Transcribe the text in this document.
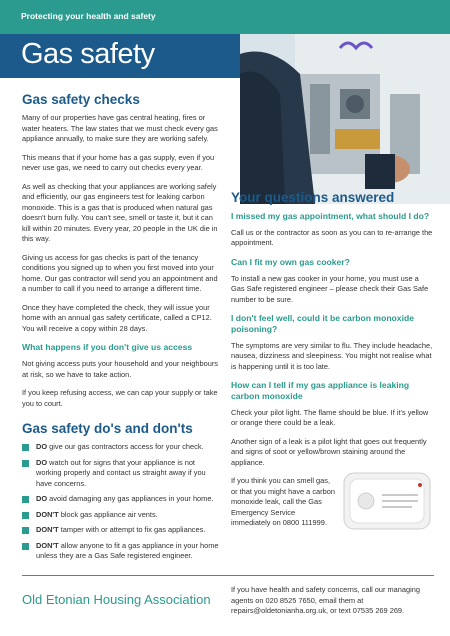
Protecting your health and safety
Gas safety
Gas safety checks

Many of our properties have gas central heating, fires or water heaters. The law states that we must check every gas appliance annually, to make sure they are working safely.

This means that if your home has a gas supply, even if you never use gas, we need to carry out checks every year.

As well as checking that your appliances are working safely and efficiently, our gas engineers test for leaking carbon monoxide. This is a gas that is produced when natural gas doesn't burn fully. You can't see, smell or taste it, but it can kill within 20 minutes. Every year, 20 people in the UK die in this way.

Giving us access for gas checks is part of the tenancy conditions you signed up to when you first moved into your home. Our gas contractor will send you an appointment and a number to call if you need to arrange a different time.

Once they have completed the check, they will issue your home with an annual gas safety certificate, called a CP12. You will receive a copy within 28 days.

What happens if you don't give us access

Not giving access puts your household and your neighbours at risk, so we have to take action.

If you keep refusing access, we can cap your supply or take you to court.

Gas safety do's and don'ts
DO give our gas contractors access for your check.
DO watch out for signs that your appliance is not working properly and contact us straight away if you have concerns.
DO avoid damaging any gas appliances in your home.
DON'T block gas appliance air vents.
DON'T tamper with or attempt to fix gas appliances.
DON'T allow anyone to fit a gas appliance in your home unless they are a Gas Safe registered engineer.
Your questions answered
I missed my gas appointment, what should I do?

Call us or the contractor as soon as you can to re-arrange the appointment.

Can I fit my own gas cooker?

To install a new gas cooker in your home, you must use a Gas Safe registered engineer – please check their Gas Safe number to be sure.

I don't feel well, could it be carbon monoxide poisoning?

The symptoms are very similar to flu. They include headache, nausea, dizziness and sleepiness. You might not realise what is happening until it is too late.

How can I tell if my gas appliance is leaking carbon monoxide

Check your pilot light. The flame should be blue. If it's yellow or orange there could be a leak.

Another sign of a leak is a pilot light that goes out frequently and signs of soot or yellow/brown staining around the appliance.

If you think you can smell gas, or that you might have a carbon monoxide leak, call the Gas Emergency Service immediately on 0800 111999.

Old Etonian Housing Association
If you have health and safety concerns, call our managing agents on 020 8525 7650, email them at repairs@oldetonianha.org.uk, or text 07535 269 269.
